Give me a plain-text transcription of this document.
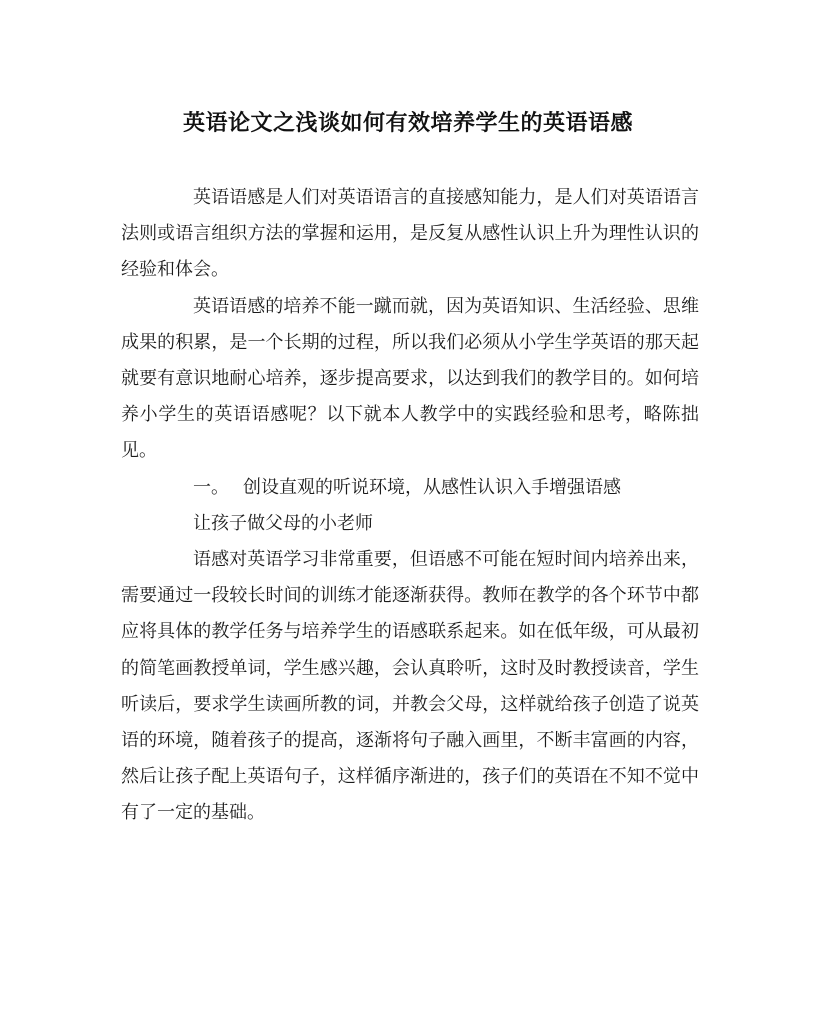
英语论文之浅谈如何有效培养学生的英语语感

英语语感是人们对英语语言的直接感知能力，是人们对英语语言法则或语言组织方法的掌握和运用，是反复从感性认识上升为理性认识的经验和体会。

英语语感的培养不能一蹴而就，因为英语知识、生活经验、思维成果的积累，是一个长期的过程，所以我们必须从小学生学英语的那天起就要有意识地耐心培养，逐步提高要求，以达到我们的教学目的。如何培养小学生的英语语感呢？以下就本人教学中的实践经验和思考，略陈拙见。

一。 创设直观的听说环境，从感性认识入手增强语感

让孩子做父母的小老师

语感对英语学习非常重要，但语感不可能在短时间内培养出来，需要通过一段较长时间的训练才能逐渐获得。教师在教学的各个环节中都应将具体的教学任务与培养学生的语感联系起来。如在低年级，可从最初的简笔画教授单词，学生感兴趣，会认真聆听，这时及时教授读音，学生听读后，要求学生读画所教的词，并教会父母，这样就给孩子创造了说英语的环境，随着孩子的提高，逐渐将句子融入画里，不断丰富画的内容，然后让孩子配上英语句子，这样循序渐进的，孩子们的英语在不知不觉中有了一定的基础。
